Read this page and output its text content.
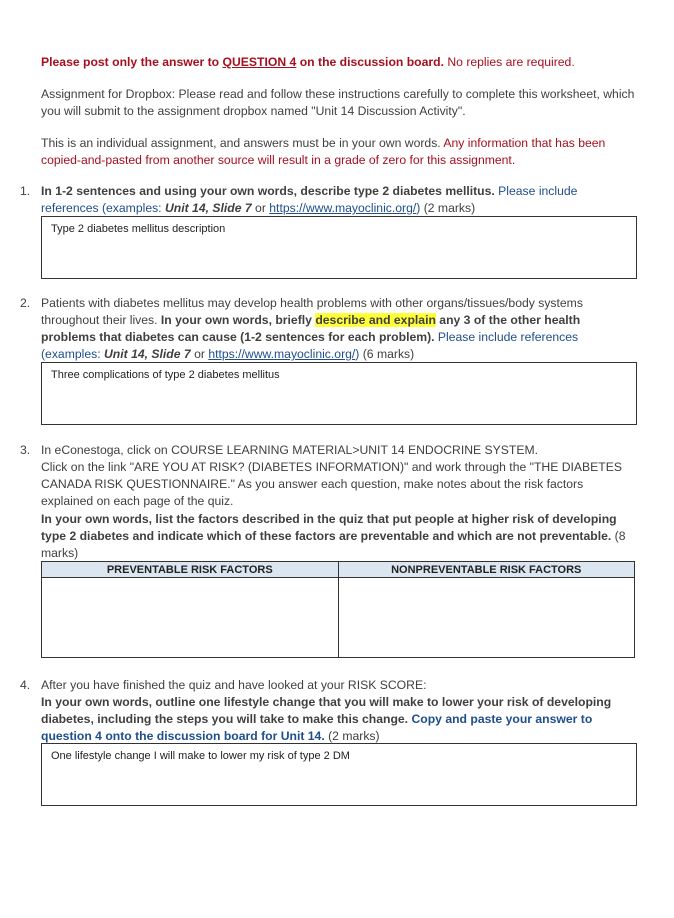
Please post only the answer to QUESTION 4 on the discussion board. No replies are required.
Assignment for Dropbox: Please read and follow these instructions carefully to complete this worksheet, which you will submit to the assignment dropbox named "Unit 14 Discussion Activity".
This is an individual assignment, and answers must be in your own words. Any information that has been copied-and-pasted from another source will result in a grade of zero for this assignment.
1. In 1-2 sentences and using your own words, describe type 2 diabetes mellitus. Please include references (examples: Unit 14, Slide 7 or https://www.mayoclinic.org/) (2 marks)
Type 2 diabetes mellitus description
2. Patients with diabetes mellitus may develop health problems with other organs/tissues/body systems throughout their lives. In your own words, briefly describe and explain any 3 of the other health problems that diabetes can cause (1-2 sentences for each problem). Please include references (examples: Unit 14, Slide 7 or https://www.mayoclinic.org/) (6 marks)
Three complications of type 2 diabetes mellitus
3. In eConestoga, click on COURSE LEARNING MATERIAL>UNIT 14 ENDOCRINE SYSTEM.
Click on the link "ARE YOU AT RISK? (DIABETES INFORMATION)" and work through the "THE DIABETES CANADA RISK QUESTIONNAIRE." As you answer each question, make notes about the risk factors explained on each page of the quiz.
In your own words, list the factors described in the quiz that put people at higher risk of developing type 2 diabetes and indicate which of these factors are preventable and which are not preventable. (8 marks)
PREVENTABLE RISK FACTORS	NONPREVENTABLE RISK FACTORS

4. After you have finished the quiz and have looked at your RISK SCORE:
In your own words, outline one lifestyle change that you will make to lower your risk of developing diabetes, including the steps you will take to make this change. Copy and paste your answer to question 4 onto the discussion board for Unit 14. (2 marks)
One lifestyle change I will make to lower my risk of type 2 DM
